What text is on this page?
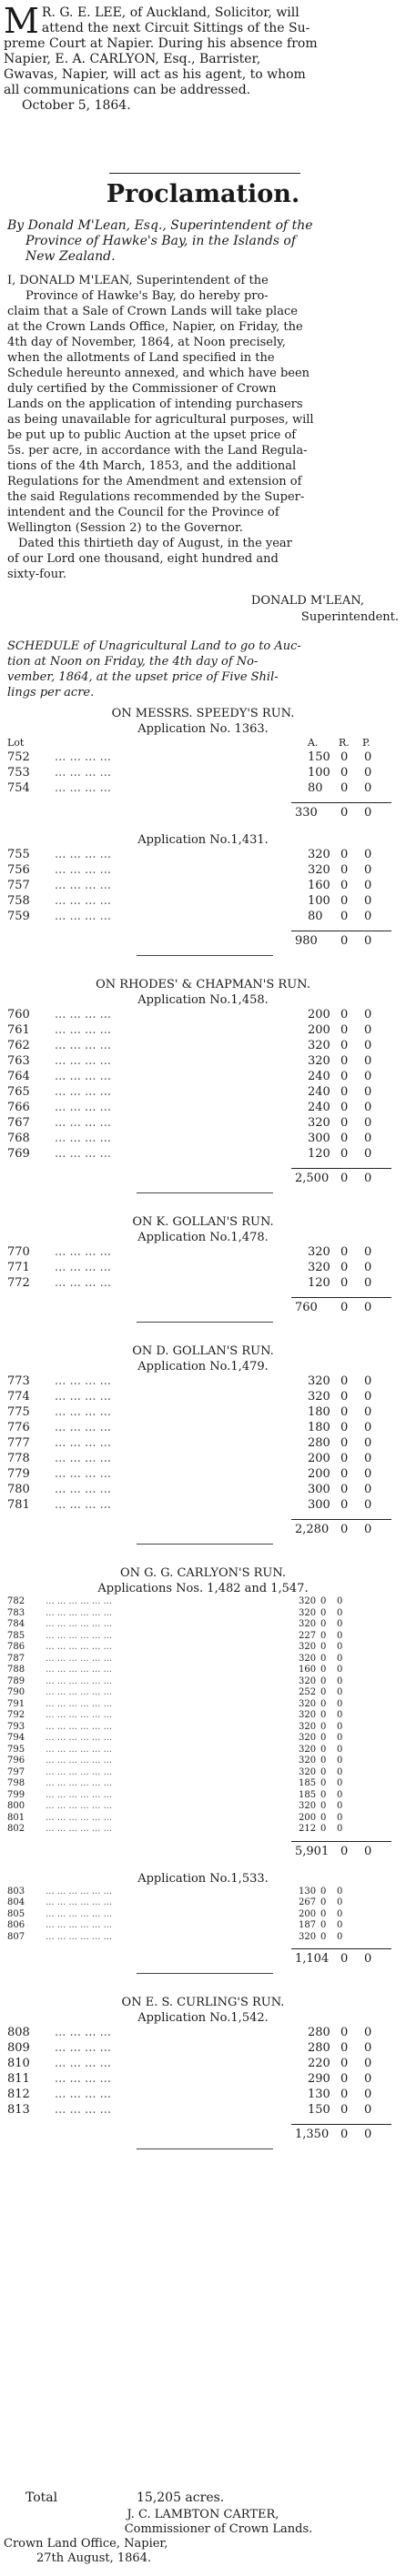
M R. G. E. LEE, of Auckland, Solicitor, will
attend the next Circuit Sittings of the Su-
preme Court at Napier. During his absence from
Napier, E. A. CARLYON, Esq., Barrister,
Gwavas, Napier, will act as his agent, to whom
all communications can be addressed.
October 5, 1864.
Proclamation.
By Donald M'Lean, Esq., Superintendent of the
Province of Hawke's Bay, in the Islands of
New Zealand.
I, DONALD M'LEAN, Superintendent of the
Province of Hawke's Bay, do hereby pro-
claim that a Sale of Crown Lands will take place
at the Crown Lands Office, Napier, on Friday, the
4th day of November, 1864, at Noon precisely,
when the allotments of Land specified in the
Schedule hereunto annexed, and which have been
duly certified by the Commissioner of Crown
Lands on the application of intending purchasers
as being unavailable for agricultural purposes, will
be put up to public Auction at the upset price of
5s. per acre, in accordance with the Land Regula-
tions of the 4th March, 1853, and the additional
Regulations for the Amendment and extension of
the said Regulations recommended by the Super-
intendent and the Council for the Province of
Wellington (Session 2) to the Governor.
Dated this thirtieth day of August, in the year
of our Lord one thousand, eight hundred and
sixty-four.
DONALD M'LEAN,
Superintendent.
SCHEDULE of Unagricultural Land to go to Auc-
tion at Noon on Friday, the 4th day of No-
vember, 1864, at the upset price of Five Shil-
lings per acre.
ON MESSRS. SPEEDY'S RUN.
Application No. 1363.
Lot	A. R. P.
752	150 0 0
... ... ... ...
753	100 0 0
... ... ... ...
754	80 0 0
... ... ... ...
330 0 0
Application No.1,431.
755	320 0 0
... ... ... ...
756	320 0 0
... ... ... ...
757	160 0 0
... ... ... ...
758	100 0 0
... ... ... ...
759	80 0 0
... ... ... ...
980 0 0
ON RHODES' & CHAPMAN'S RUN.
Application No.1,458.
760	200 0 0
... ... ... ...
761	200 0 0
... ... ... ...
762	320 0 0
... ... ... ...
763	320 0 0
... ... ... ...
764	240 0 0
... ... ... ...
765	240 0 0
... ... ... ...
766	240 0 0
... ... ... ...
767	320 0 0
... ... ... ...
768	300 0 0
... ... ... ...
769	120 0 0
... ... ... ...
2,500 0 0
ON K. GOLLAN'S RUN.
Application No.1,478.
770	320 0 0
... ... ... ...
771	320 0 0
... ... ... ...
772	120 0 0
... ... ... ...
760 0 0
ON D. GOLLAN'S RUN.
Application No.1,479.
773	320 0 0
... ... ... ...
774	320 0 0
... ... ... ...
775	180 0 0
... ... ... ...
776	180 0 0
... ... ... ...
777	280 0 0
... ... ... ...
778	200 0 0
... ... ... ...
779	200 0 0
... ... ... ...
780	300 0 0
... ... ... ...
781	300 0 0
... ... ... ...
2,280 0 0
ON G. G. CARLYON'S RUN.
Applications Nos. 1,482 and 1,547.
782	320 0 0
... ... ... ... ... ...
783	320 0 0
... ... ... ... ... ...
784	320 0 0
... ... ... ... ... ...
785	227 0 0
... ... ... ... ... ...
786	320 0 0
... ... ... ... ... ...
787	320 0 0
... ... ... ... ... ...
788	160 0 0
... ... ... ... ... ...
789	320 0 0
... ... ... ... ... ...
790	252 0 0
... ... ... ... ... ...
791	320 0 0
... ... ... ... ... ...
792	320 0 0
... ... ... ... ... ...
793	320 0 0
... ... ... ... ... ...
794	320 0 0
... ... ... ... ... ...
795	320 0 0
... ... ... ... ... ...
796	320 0 0
... ... ... ... ... ...
797	320 0 0
... ... ... ... ... ...
798	185 0 0
... ... ... ... ... ...
799	185 0 0
... ... ... ... ... ...
800	320 0 0
... ... ... ... ... ...
801	200 0 0
... ... ... ... ... ...
802	212 0 0
... ... ... ... ... ...
5,901 0 0
Application No.1,533.
803	130 0 0
... ... ... ... ... ...
804	267 0 0
... ... ... ... ... ...
805	200 0 0
... ... ... ... ... ...
806	187 0 0
... ... ... ... ... ...
807	320 0 0
... ... ... ... ... ...
1,104 0 0
ON E. S. CURLING'S RUN.
Application No.1,542.
808	280 0 0
... ... ... ...
809	280 0 0
... ... ... ...
810	220 0 0
... ... ... ...
811	290 0 0
... ... ... ...
812	130 0 0
... ... ... ...
813	150 0 0
... ... ... ...
1,350 0 0
Total	15,205 acres.
J. C. LAMBTON CARTER,
Commissioner of Crown Lands.
Crown Land Office, Napier,
27th August, 1864.
